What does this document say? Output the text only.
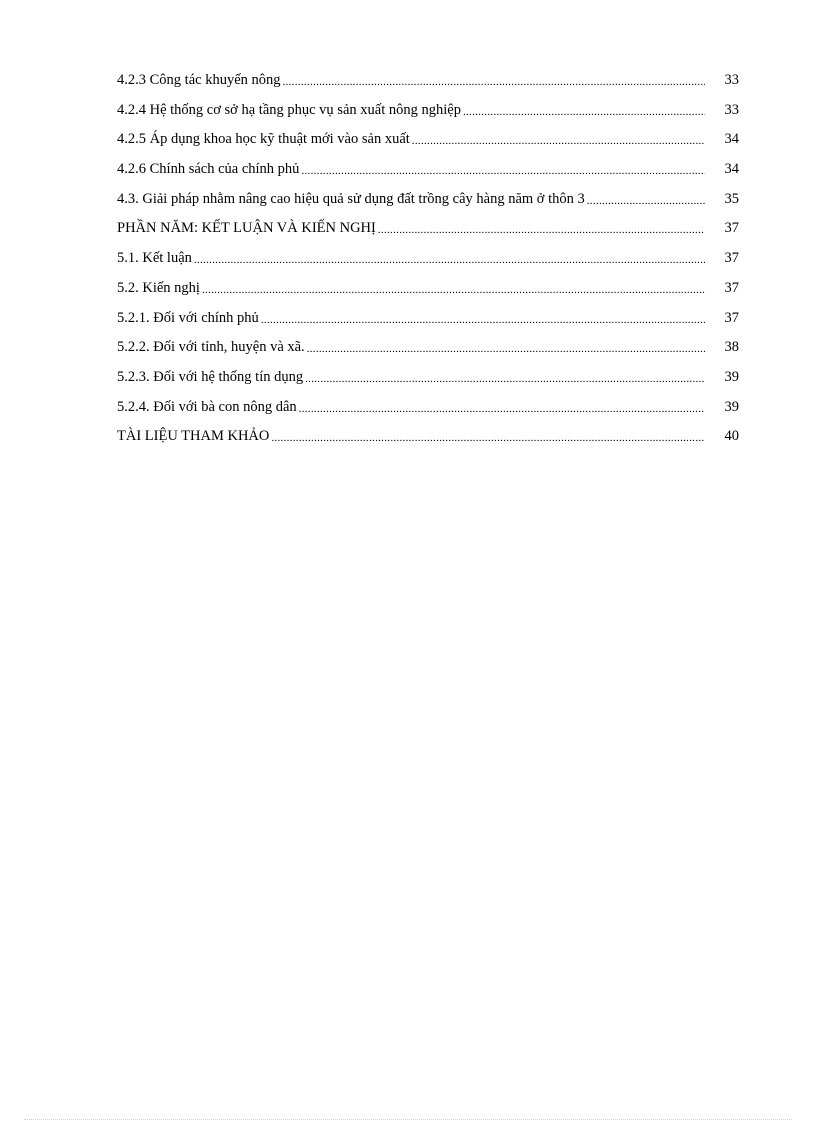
4.2.3 Công tác khuyến nông .....	33
4.2.4 Hệ thống cơ sở hạ tầng phục vụ sản xuất nông nghiệp .....	33
4.2.5 Áp dụng khoa học kỹ thuật mới vào sản xuất .....	34
4.2.6 Chính sách của chính phủ .....	34
4.3. Giải pháp nhằm nâng cao hiệu quả sử dụng đất trồng cây hàng năm ở thôn 3 .....	35
PHẦN NĂM: KẾT LUẬN VÀ KIẾN NGHỊ .....	37
5.1. Kết luận .....	37
5.2. Kiến nghị .....	37
5.2.1. Đối với chính phủ .....	37
5.2.2. Đối với tỉnh, huyện và xã. .....	38
5.2.3. Đối với hệ thống tín dụng .....	39
5.2.4. Đối với bà con nông dân .....	39
TÀI LIỆU THAM KHẢO .....	40
